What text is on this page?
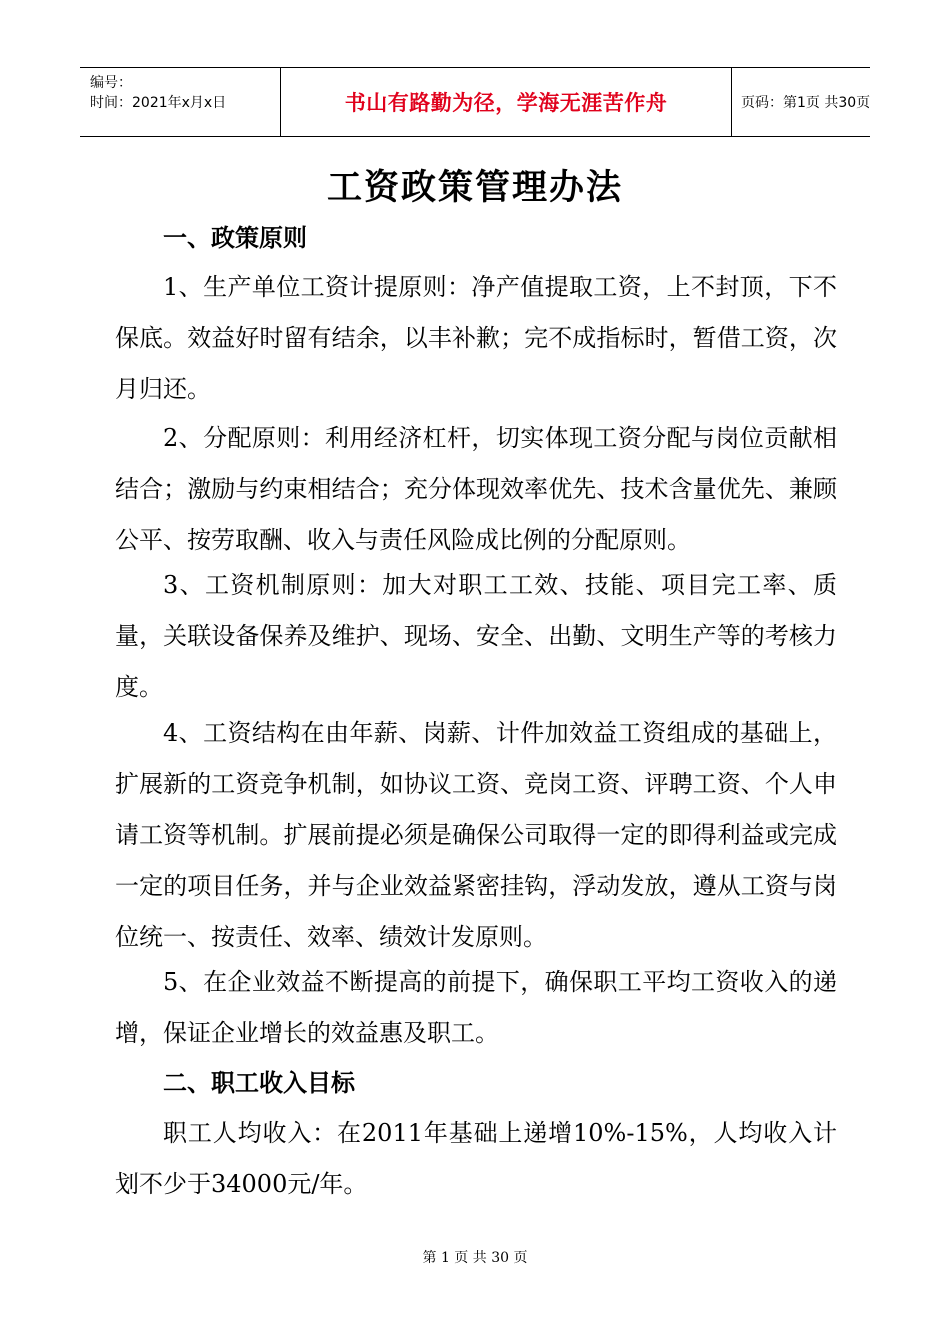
编号：
时间：2021年x月x日	书山有路勤为径，学海无涯苦作舟	页码：第1页 共30页
工资政策管理办法
一、政策原则
1、生产单位工资计提原则：净产值提取工资，上不封顶，下不保底。效益好时留有结余，以丰补歉；完不成指标时，暂借工资，次月归还。
2、分配原则：利用经济杠杆，切实体现工资分配与岗位贡献相结合；激励与约束相结合；充分体现效率优先、技术含量优先、兼顾公平、按劳取酬、收入与责任风险成比例的分配原则。
3、工资机制原则：加大对职工工效、技能、项目完工率、质量，关联设备保养及维护、现场、安全、出勤、文明生产等的考核力度。
4、工资结构在由年薪、岗薪、计件加效益工资组成的基础上，扩展新的工资竞争机制，如协议工资、竞岗工资、评聘工资、个人申请工资等机制。扩展前提必须是确保公司取得一定的即得利益或完成一定的项目任务，并与企业效益紧密挂钩，浮动发放，遵从工资与岗位统一、按责任、效率、绩效计发原则。
5、在企业效益不断提高的前提下，确保职工平均工资收入的递增，保证企业增长的效益惠及职工。
二、职工收入目标
职工人均收入：在2011年基础上递增10%-15%，人均收入计划不少于34000元/年。
第 1 页 共 30 页
